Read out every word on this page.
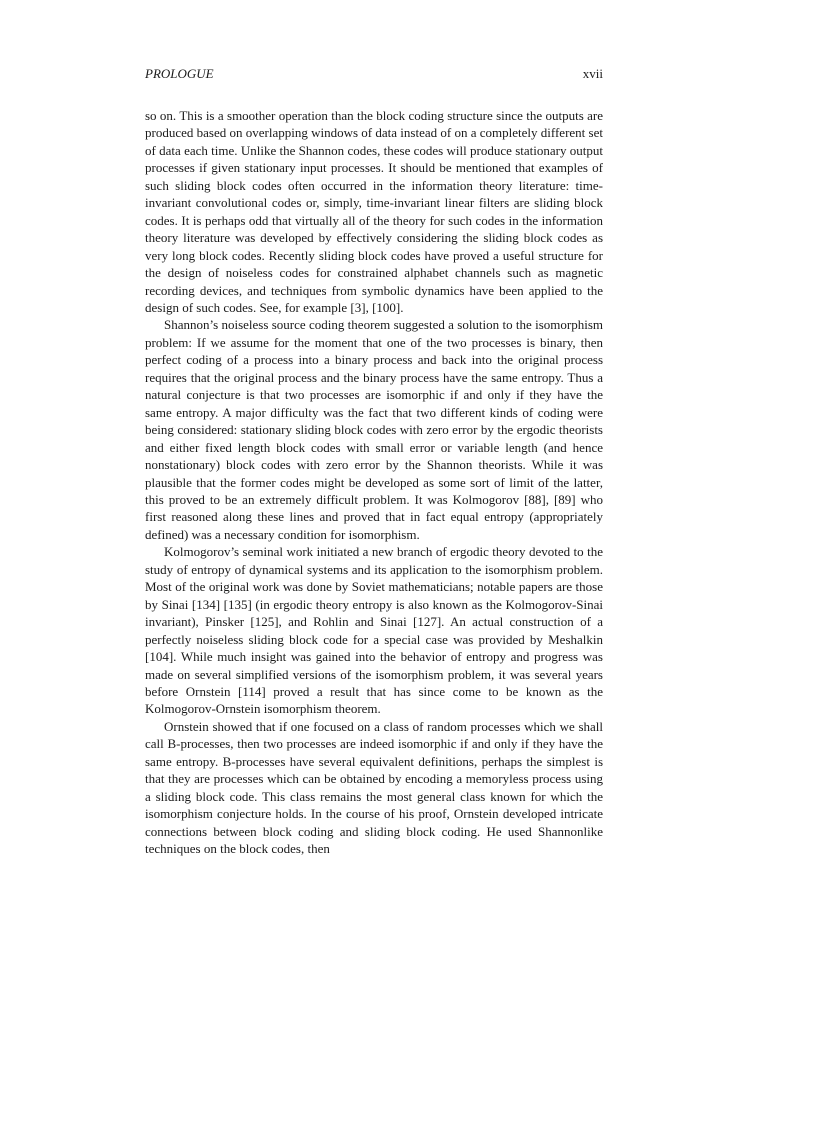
PROLOGUE	xvii

so on. This is a smoother operation than the block coding structure since the outputs are produced based on overlapping windows of data instead of on a completely different set of data each time. Unlike the Shannon codes, these codes will produce stationary output processes if given stationary input processes. It should be mentioned that examples of such sliding block codes often occurred in the information theory literature: time-invariant convolutional codes or, simply, time-invariant linear filters are sliding block codes. It is perhaps odd that virtually all of the theory for such codes in the information theory literature was developed by effectively considering the sliding block codes as very long block codes. Recently sliding block codes have proved a useful structure for the design of noiseless codes for constrained alphabet channels such as magnetic recording devices, and techniques from symbolic dynamics have been applied to the design of such codes. See, for example [3], [100].

Shannon’s noiseless source coding theorem suggested a solution to the isomorphism problem: If we assume for the moment that one of the two processes is binary, then perfect coding of a process into a binary process and back into the original process requires that the original process and the binary process have the same entropy. Thus a natural conjecture is that two processes are isomorphic if and only if they have the same entropy. A major difficulty was the fact that two different kinds of coding were being considered: stationary sliding block codes with zero error by the ergodic theorists and either fixed length block codes with small error or variable length (and hence nonstationary) block codes with zero error by the Shannon theorists. While it was plausible that the former codes might be developed as some sort of limit of the latter, this proved to be an extremely difficult problem. It was Kolmogorov [88], [89] who first reasoned along these lines and proved that in fact equal entropy (appropriately defined) was a necessary condition for isomorphism.

Kolmogorov’s seminal work initiated a new branch of ergodic theory devoted to the study of entropy of dynamical systems and its application to the isomorphism problem. Most of the original work was done by Soviet mathematicians; notable papers are those by Sinai [134] [135] (in ergodic theory entropy is also known as the Kolmogorov-Sinai invariant), Pinsker [125], and Rohlin and Sinai [127]. An actual construction of a perfectly noiseless sliding block code for a special case was provided by Meshalkin [104]. While much insight was gained into the behavior of entropy and progress was made on several simplified versions of the isomorphism problem, it was several years before Ornstein [114] proved a result that has since come to be known as the Kolmogorov-Ornstein isomorphism theorem.

Ornstein showed that if one focused on a class of random processes which we shall call B-processes, then two processes are indeed isomorphic if and only if they have the same entropy. B-processes have several equivalent definitions, perhaps the simplest is that they are processes which can be obtained by encoding a memoryless process using a sliding block code. This class remains the most general class known for which the isomorphism conjecture holds. In the course of his proof, Ornstein developed intricate connections between block coding and sliding block coding. He used Shannonlike techniques on the block codes, then
